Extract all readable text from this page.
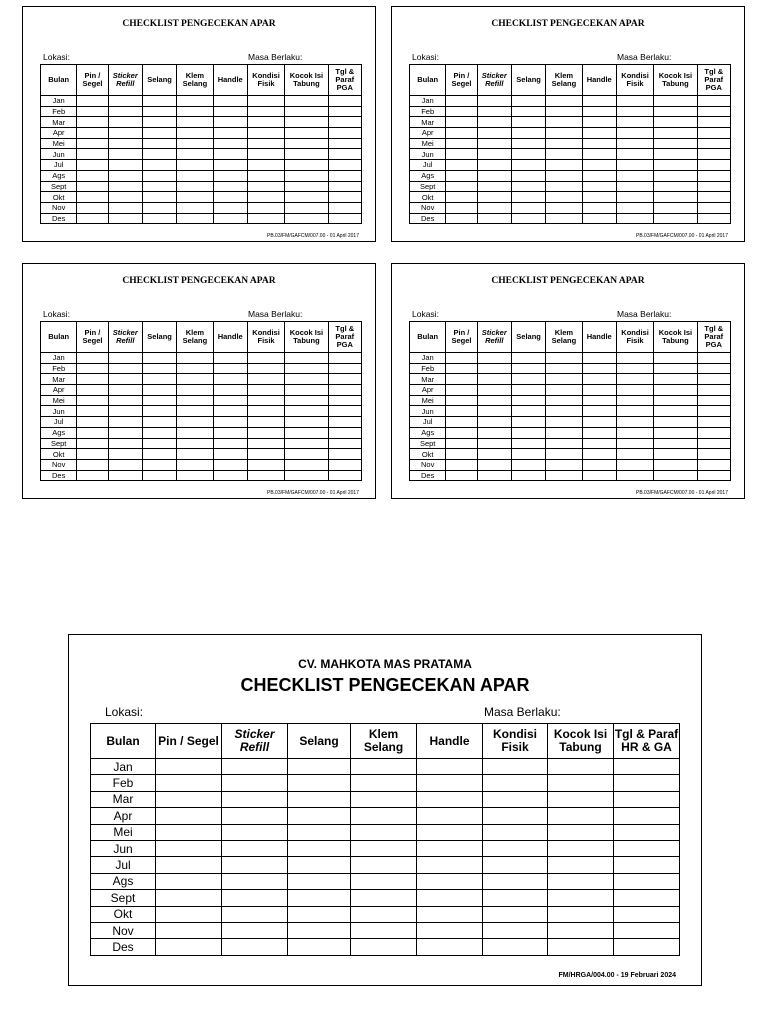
CHECKLIST PENGECEKAN APAR
Lokasi:	Masa Berlaku:
Bulan	Pin / Segel	Sticker Refill	Selang	Klem Selang	Handle	Kondisi Fisik	Kocok Isi Tabung	Tgl & Paraf PGA
Jan								
Feb								
Mar								
Apr								
Mei								
Jun								
Jul								
Ags								
Sept								
Okt								
Nov								
Des								
PB.03/FM/GAFCM/007.00 - 01 April 2017
CHECKLIST PENGECEKAN APAR
Lokasi:	Masa Berlaku:
Bulan	Pin / Segel	Sticker Refill	Selang	Klem Selang	Handle	Kondisi Fisik	Kocok Isi Tabung	Tgl & Paraf PGA
Jan								
Feb								
Mar								
Apr								
Mei								
Jun								
Jul								
Ags								
Sept								
Okt								
Nov								
Des								
PB.03/FM/GAFCM/007.00 - 01 April 2017
CHECKLIST PENGECEKAN APAR
Lokasi:	Masa Berlaku:
Bulan	Pin / Segel	Sticker Refill	Selang	Klem Selang	Handle	Kondisi Fisik	Kocok Isi Tabung	Tgl & Paraf PGA
Jan								
Feb								
Mar								
Apr								
Mei								
Jun								
Jul								
Ags								
Sept								
Okt								
Nov								
Des								
PB.03/FM/GAFCM/007.00 - 01 April 2017
CHECKLIST PENGECEKAN APAR
Lokasi:	Masa Berlaku:
Bulan	Pin / Segel	Sticker Refill	Selang	Klem Selang	Handle	Kondisi Fisik	Kocok Isi Tabung	Tgl & Paraf PGA
Jan								
Feb								
Mar								
Apr								
Mei								
Jun								
Jul								
Ags								
Sept								
Okt								
Nov								
Des								
PB.03/FM/GAFCM/007.00 - 01 April 2017
CV. MAHKOTA MAS PRATAMA
CHECKLIST PENGECEKAN APAR
Lokasi:	Masa Berlaku:
Bulan	Pin / Segel	Sticker Refill	Selang	Klem Selang	Handle	Kondisi Fisik	Kocok Isi Tabung	Tgl & Paraf HR & GA
Jan								
Feb								
Mar								
Apr								
Mei								
Jun								
Jul								
Ags								
Sept								
Okt								
Nov								
Des								
FM/HRGA/004.00 - 19 Februari 2024
